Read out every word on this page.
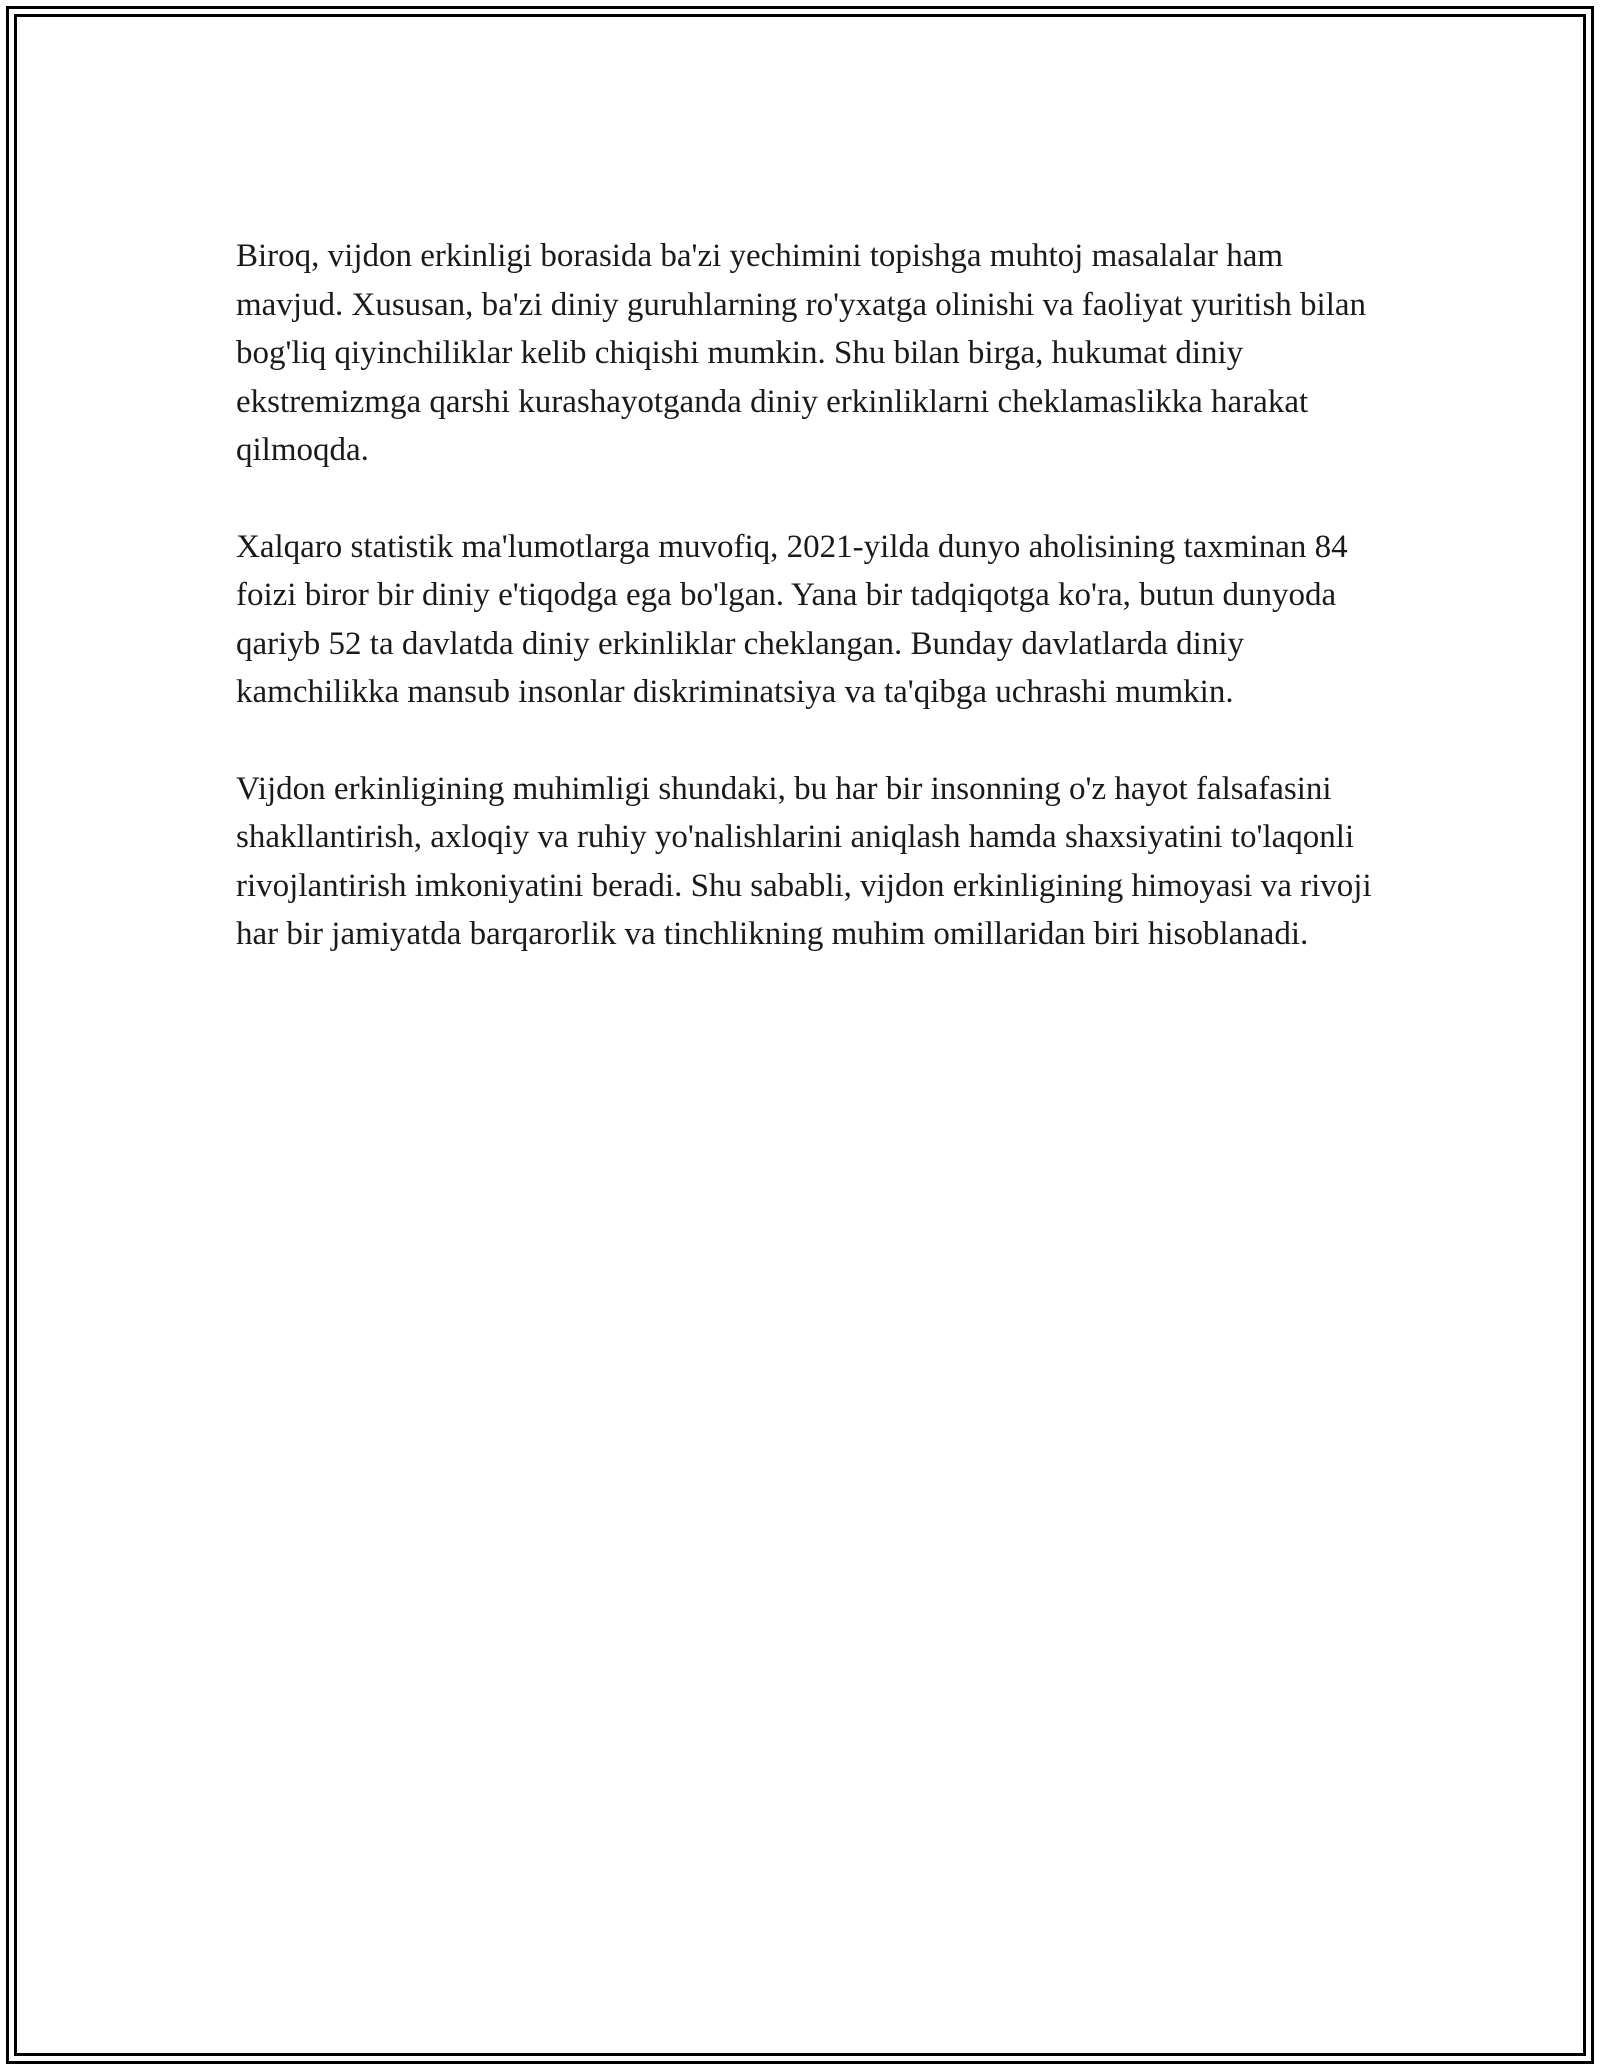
Biroq, vijdon erkinligi borasida ba'zi yechimini topishga muhtoj masalalar ham mavjud. Xususan, ba'zi diniy guruhlarning ro'yxatga olinishi va faoliyat yuritish bilan bog'liq qiyinchiliklar kelib chiqishi mumkin. Shu bilan birga, hukumat diniy ekstremizmga qarshi kurashayotganda diniy erkinliklarni cheklamaslikka harakat qilmoqda.

Xalqaro statistik ma'lumotlarga muvofiq, 2021-yilda dunyo aholisining taxminan 84 foizi biror bir diniy e'tiqodga ega bo'lgan. Yana bir tadqiqotga ko'ra, butun dunyoda qariyb 52 ta davlatda diniy erkinliklar cheklangan. Bunday davlatlarda diniy kamchilikka mansub insonlar diskriminatsiya va ta'qibga uchrashi mumkin.

Vijdon erkinligining muhimligi shundaki, bu har bir insonning o'z hayot falsafasini shakllantirish, axloqiy va ruhiy yo'nalishlarini aniqlash hamda shaxsiyatini to'laqonli rivojlantirish imkoniyatini beradi. Shu sababli, vijdon erkinligining himoyasi va rivoji har bir jamiyatda barqarorlik va tinchlikning muhim omillaridan biri hisoblanadi.
